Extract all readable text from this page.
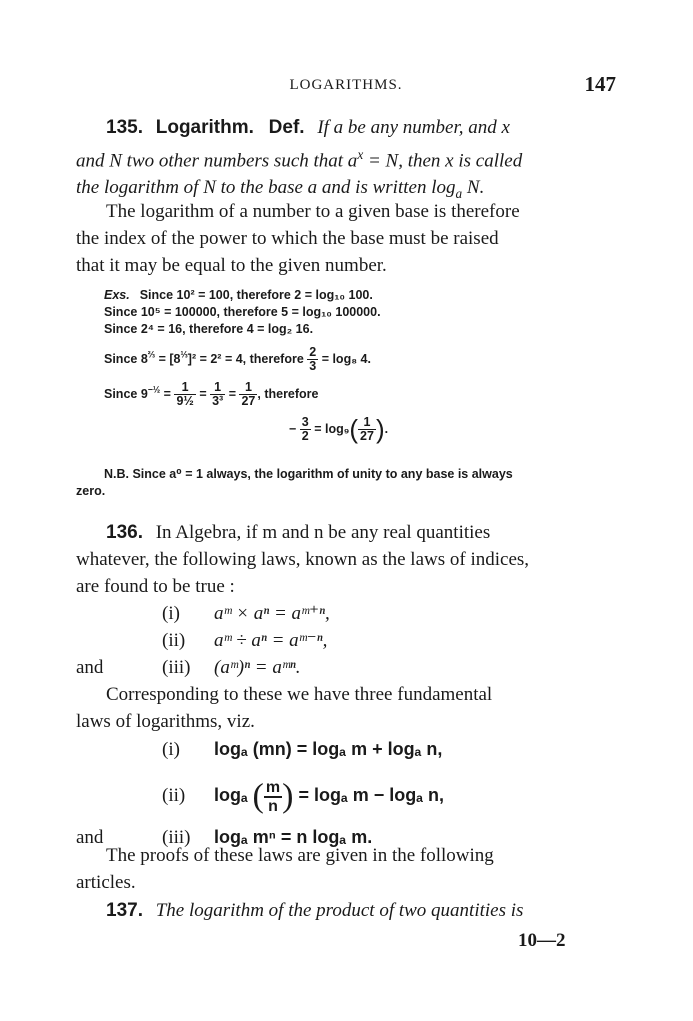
LOGARITHMS.	147
135. Logarithm. Def. If a be any number, and x
and N two other numbers such that $a^x = N$, then x is called
the logarithm of N to the base a and is written $\log_a N$.
The logarithm of a number to a given base is therefore
the index of the power to which the base must be raised
that it may be equal to the given number.
Exs. Since 10² = 100, therefore 2 = log₁₀ 100.
Since 10⁵ = 100000, therefore 5 = log₁₀ 100000.
Since 2⁴ = 16, therefore 4 = log₂ 16.
Since $8^{\frac{2}{3}} = [8^{\frac{1}{3}}]^2 = 2^2 = 4$, therefore $\frac{2}{3} = \log_8$ 4.
Since $9^{-\frac{1}{2}} = \frac{1}{\text{9½}} = \frac{1}{\text{3³}} = \frac{1}{27}$ , therefore
− $\frac{3}{2} = \log_9( \frac{1}{27}$ ).
N.B. Since a⁰ = 1 always, the logarithm of unity to any base is always
zero.
136. In Algebra, if m and n be any real quantities
whatever, the following laws, known as the laws of indices,
are found to be true :
(i) aᵐ × aⁿ = aᵐ⁺ⁿ,
(ii) aᵐ ÷ aⁿ = aᵐ⁻ⁿ,
and	(iii) (aᵐ)ⁿ = aᵐⁿ.
Corresponding to these we have three fundamental
laws of logarithms, viz.
(i) logₐ (mn) = logₐ m + logₐ n,
(ii) logₐ ( $\frac{m}{n}) = \log_a$ m − logₐ n,
and	(iii) logₐ mⁿ = n logₐ m.
The proofs of these laws are given in the following
articles.
137. The logarithm of the product of two quantities is
10—2
